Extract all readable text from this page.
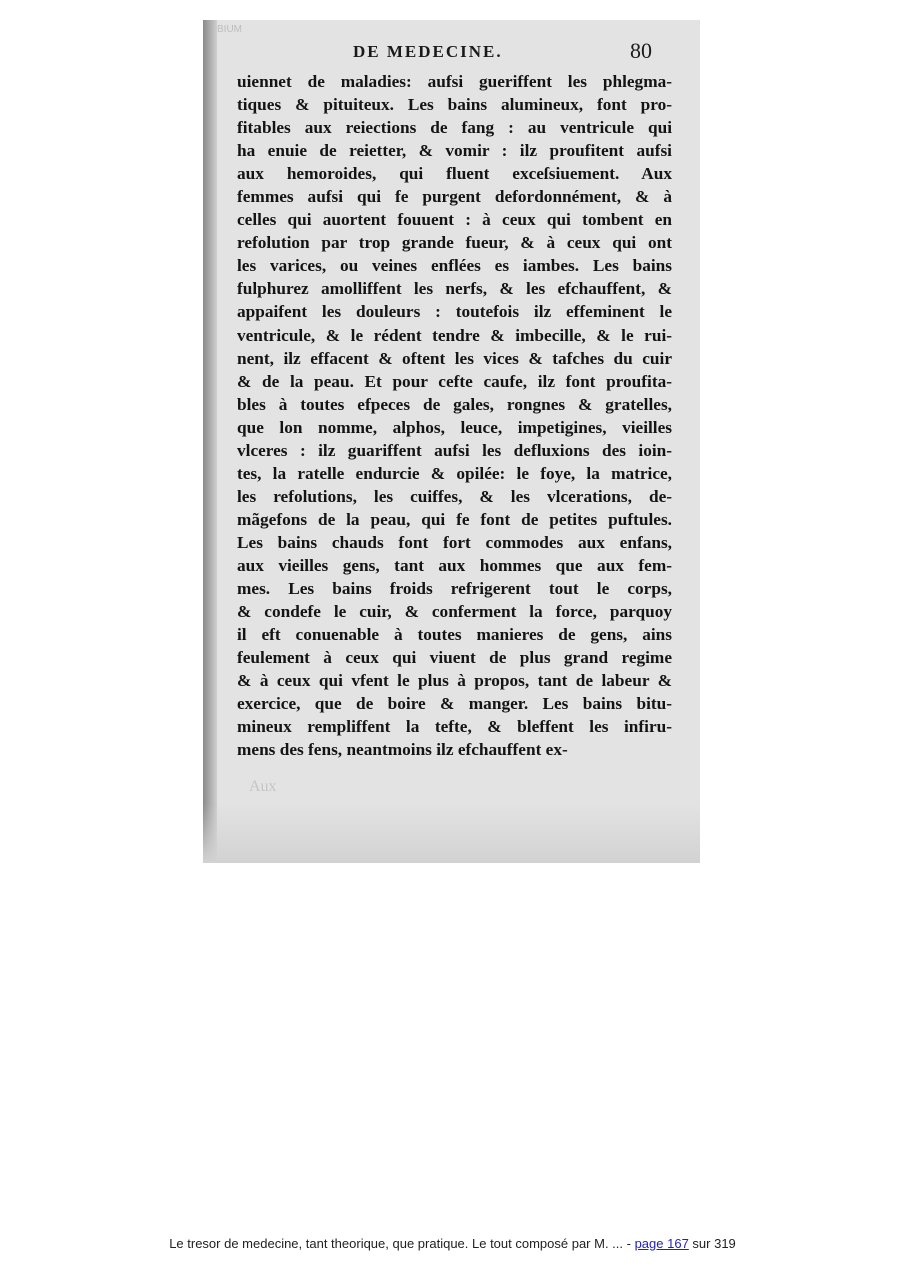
BIUM
DE MEDECINE.	80
uiennet de maladies: aufsi gueriffent les phlegma-
tiques & pituiteux. Les bains alumineux, font pro-
fitables aux reiections de fang : au ventricule qui
ha enuie de reietter, & vomir : ilz proufitent aufsi
aux hemoroides, qui fluent exceſsiuement. Aux
femmes aufsi qui fe purgent defordonnément, & à
celles qui auortent fouuent : à ceux qui tombent en
refolution par trop grande fueur, & à ceux qui ont
les varices, ou veines enflées es iambes. Les bains
fulphurez amolliffent les nerfs, & les efchauffent, &
appaifent les douleurs : toutefois ilz effeminent le
ventricule, & le rédent tendre & imbecille, & le rui-
nent, ilz effacent & oftent les vices & tafches du cuir
& de la peau. Et pour cefte caufe, ilz font proufita-
bles à toutes efpeces de gales, rongnes & gratelles,
que lon nomme, alphos, leuce, impetigines, vieilles
vlceres : ilz guariffent aufsi les defluxions des ioin-
tes, la ratelle endurcie & opilée: le foye, la matrice,
les refolutions, les cuiffes, & les vlcerations, de-
mãgefons de la peau, qui fe font de petites puftules.
Les bains chauds font fort commodes aux enfans,
aux vieilles gens, tant aux hommes que aux fem-
mes. Les bains froids refrigerent tout le corps,
& condefe le cuir, & conferment la force, parquoy
il eft conuenable à toutes manieres de gens, ains
feulement à ceux qui viuent de plus grand regime
& à ceux qui vfent le plus à propos, tant de labeur &
exercice, que de boire & manger. Les bains bitu-
mineux rempliffent la tefte, & bleffent les infiru-
mens des fens, neantmoins ilz efchauffent ex-
Aux
Le tresor de medecine, tant theorique, que pratique. Le tout composé par M. ... - page 167 sur 319
